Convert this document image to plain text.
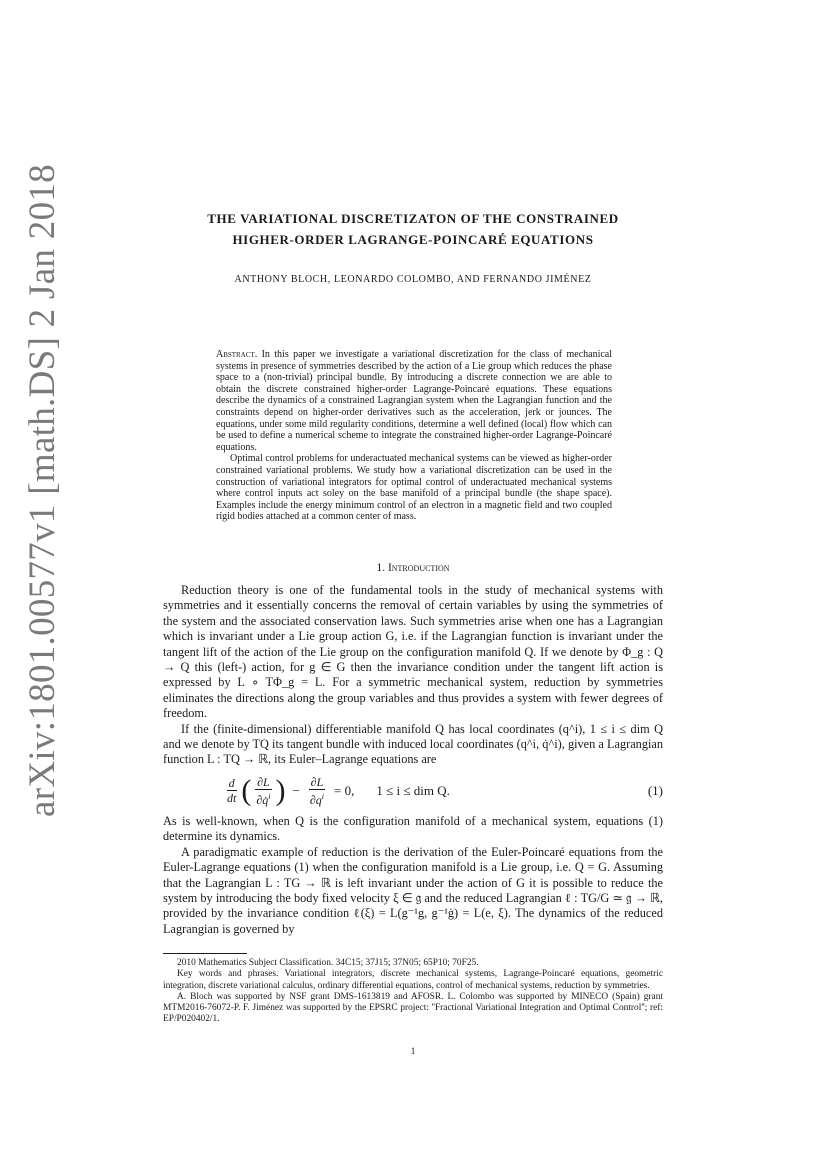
arXiv:1801.00577v1 [math.DS] 2 Jan 2018	THE VARIATIONAL DISCRETIZATON OF THE CONSTRAINED
HIGHER-ORDER LAGRANGE-POINCARÉ EQUATIONS
ANTHONY BLOCH, LEONARDO COLOMBO, AND FERNANDO JIMÉNEZ

Abstract. In this paper we investigate a variational discretization for the class of mechanical systems in presence of symmetries described by the action of a Lie group which reduces the phase space to a (non-trivial) principal bundle. By introducing a discrete connection we are able to obtain the discrete constrained higher-order Lagrange-Poincaré equations. These equations describe the dynamics of a constrained Lagrangian system when the Lagrangian function and the constraints depend on higher-order derivatives such as the acceleration, jerk or jounces. The equations, under some mild regularity conditions, determine a well defined (local) flow which can be used to define a numerical scheme to integrate the constrained higher-order Lagrange-Poincaré equations.

Optimal control problems for underactuated mechanical systems can be viewed as higher-order constrained variational problems. We study how a variational discretization can be used in the construction of variational integrators for optimal control of underactuated mechanical systems where control inputs act soley on the base manifold of a principal bundle (the shape space). Examples include the energy minimum control of an electron in a magnetic field and two coupled rigid bodies attached at a common center of mass.

1. Introduction

Reduction theory is one of the fundamental tools in the study of mechanical systems with symmetries and it essentially concerns the removal of certain variables by using the symmetries of the system and the associated conservation laws. Such symmetries arise when one has a Lagrangian which is invariant under a Lie group action G, i.e. if the Lagrangian function is invariant under the tangent lift of the action of the Lie group on the configuration manifold Q. If we denote by Φ_g : Q → Q this (left-) action, for g ∈ G then the invariance condition under the tangent lift action is expressed by L ∘ TΦ_g = L. For a symmetric mechanical system, reduction by symmetries eliminates the directions along the group variables and thus provides a system with fewer degrees of freedom.

If the (finite-dimensional) differentiable manifold Q has local coordinates (q^i), 1 ≤ i ≤ dim Q and we denote by TQ its tangent bundle with induced local coordinates (q^i, q̇^i), given a Lagrangian function L : TQ → ℝ, its Euler–Lagrange equations are

$\frac{d}{dt}$ ( $\frac{\partial L}{\partial q̇^i}$ ) − $\frac{\partial L}{\partial q^i} = 0$, 1 ≤ i ≤ dim Q.	(1)

As is well-known, when Q is the configuration manifold of a mechanical system, equations (1) determine its dynamics.

A paradigmatic example of reduction is the derivation of the Euler-Poincaré equations from the Euler-Lagrange equations (1) when the configuration manifold is a Lie group, i.e. Q = G. Assuming that the Lagrangian L : TG → ℝ is left invariant under the action of G it is possible to reduce the system by introducing the body fixed velocity ξ ∈ 𝔤 and the reduced Lagrangian ℓ : TG/G ≃ 𝔤 → ℝ, provided by the invariance condition ℓ(ξ) = L(g⁻¹g, g⁻¹ġ) = L(e, ξ). The dynamics of the reduced Lagrangian is governed by

2010 Mathematics Subject Classification. 34C15; 37J15; 37N05; 65P10; 70F25.

Key words and phrases. Variational integrators, discrete mechanical systems, Lagrange-Poincaré equations, geometric integration, discrete variational calculus, ordinary differential equations, control of mechanical systems, reduction by symmetries.

A. Bloch was supported by NSF grant DMS-1613819 and AFOSR. L. Colombo was supported by MINECO (Spain) grant MTM2016-76072-P. F. Jiménez was supported by the EPSRC project: ''Fractional Variational Integration and Optimal Control''; ref: EP/P020402/1.

1
